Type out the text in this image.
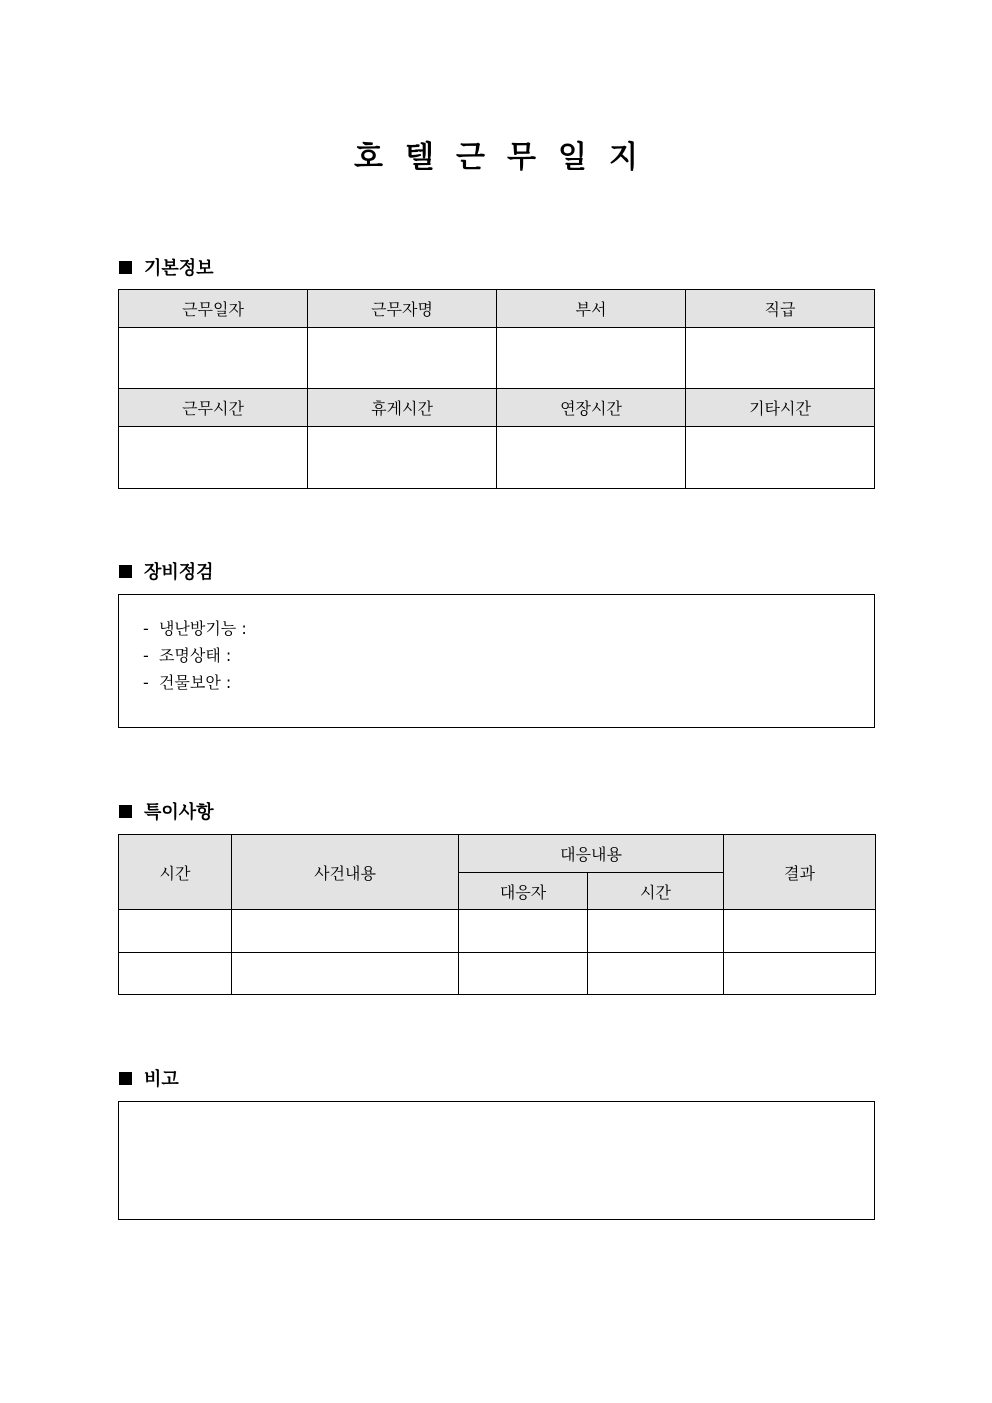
호텔근무일지
기본정보
근무일자	근무자명	부서	직급

근무시간	휴게시간	연장시간	기타시간

장비정검
- 냉난방기능 :
- 조명상태 :
- 건물보안 :
특이사항
시간	사건내용	대응내용		결과
		대응자	시간	

비고
